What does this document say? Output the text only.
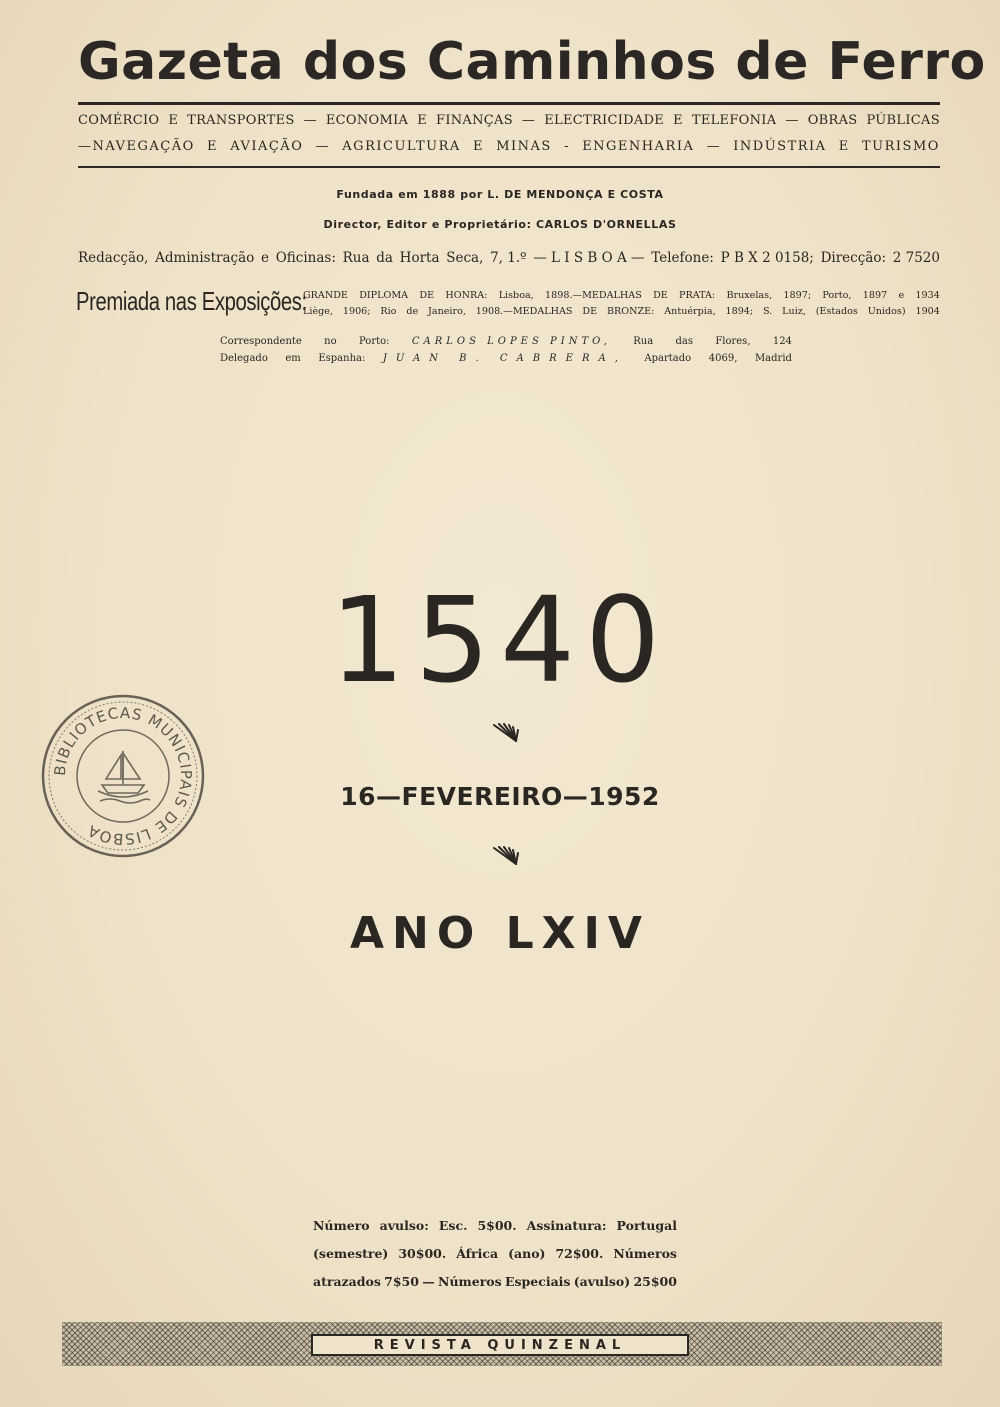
Gazeta dos Caminhos de Ferro
COMÉRCIO E TRANSPORTES — ECONOMIA E FINANÇAS — ELECTRICIDADE E TELEFONIA — OBRAS PÚBLICAS
—NAVEGAÇÃO E AVIAÇÃO — AGRICULTURA E MINAS - ENGENHARIA — INDÚSTRIA E TURISMO
Fundada em 1888 por L. DE MENDONÇA E COSTA
Director, Editor e Proprietário: CARLOS D'ORNELLAS
Redacção, Administração e Oficinas: Rua da Horta Seca, 7, 1.º — L I S B O A — Telefone: P B X 2 0158; Direcção: 2 7520
Premiada nas Exposições:
GRANDE DIPLOMA DE HONRA: Lisboa, 1898.—MEDALHAS DE PRATA: Bruxelas, 1897; Porto, 1897 e 1934
Liège, 1906; Rio de Janeiro, 1908.—MEDALHAS DE BRONZE: Antuérpia, 1894; S. Luiz, (Estados Unidos) 1904
Correspondente no Porto: CARLOS LOPES PINTO, Rua das Flores, 124
Delegado em Espanha: JUAN B. CABRERA, Apartado 4069, Madrid
1540
16—FEVEREIRO—1952
ANO LXIV
BIBLIOTECAS MUNICIPAIS DE LISBOA
Número avulso: Esc. 5$00. Assinatura: Portugal
(semestre) 30$00. África (ano) 72$00. Números
atrazados 7$50 — Números Especiais (avulso) 25$00
REVISTA QUINZENAL
